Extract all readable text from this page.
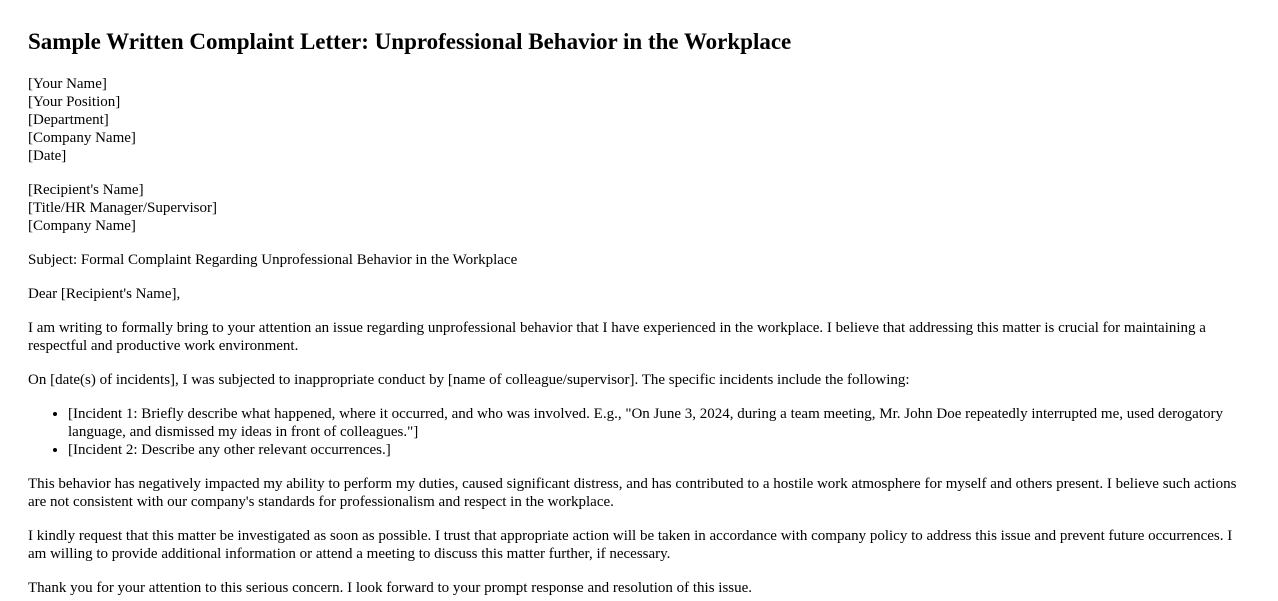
Sample Written Complaint Letter: Unprofessional Behavior in the Workplace
[Your Name]
[Your Position]
[Department]
[Company Name]
[Date]
[Recipient's Name]
[Title/HR Manager/Supervisor]
[Company Name]

Subject: Formal Complaint Regarding Unprofessional Behavior in the Workplace

Dear [Recipient's Name],

I am writing to formally bring to your attention an issue regarding unprofessional behavior that I have experienced in the workplace. I believe that addressing this matter is crucial for maintaining a respectful and productive work environment.

On [date(s) of incidents], I was subjected to inappropriate conduct by [name of colleague/supervisor]. The specific incidents include the following:

• [Incident 1: Briefly describe what happened, where it occurred, and who was involved. E.g., "On June 3, 2024, during a team meeting, Mr. John Doe repeatedly interrupted me, used derogatory language, and dismissed my ideas in front of colleagues."]
• [Incident 2: Describe any other relevant occurrences.]

This behavior has negatively impacted my ability to perform my duties, caused significant distress, and has contributed to a hostile work atmosphere for myself and others present. I believe such actions are not consistent with our company's standards for professionalism and respect in the workplace.

I kindly request that this matter be investigated as soon as possible. I trust that appropriate action will be taken in accordance with company policy to address this issue and prevent future occurrences. I am willing to provide additional information or attend a meeting to discuss this matter further, if necessary.

Thank you for your attention to this serious concern. I look forward to your prompt response and resolution of this issue.
